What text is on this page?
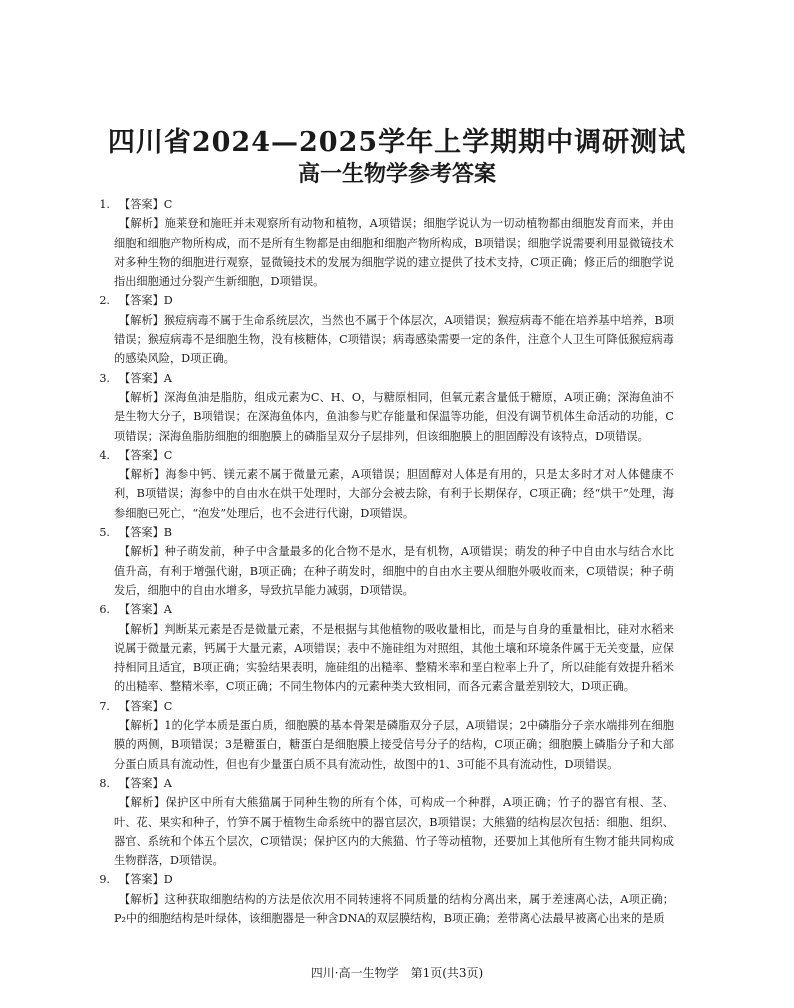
四川省2024—2025学年上学期期中调研测试
高一生物学参考答案
1. 【答案】C
【解析】施莱登和施旺并未观察所有动物和植物，A项错误；细胞学说认为一切动植物都由细胞发育而来，并由细胞和细胞产物所构成，而不是所有生物都是由细胞和细胞产物所构成，B项错误；细胞学说需要利用显微镜技术对多种生物的细胞进行观察，显微镜技术的发展为细胞学说的建立提供了技术支持，C项正确；修正后的细胞学说指出细胞通过分裂产生新细胞，D项错误。
2. 【答案】D
【解析】猴痘病毒不属于生命系统层次，当然也不属于个体层次，A项错误；猴痘病毒不能在培养基中培养，B项错误；猴痘病毒不是细胞生物，没有核糖体，C项错误；病毒感染需要一定的条件，注意个人卫生可降低猴痘病毒的感染风险，D项正确。
3. 【答案】A
【解析】深海鱼油是脂肪，组成元素为C、H、O，与糖原相同，但氧元素含量低于糖原，A项正确；深海鱼油不是生物大分子，B项错误；在深海鱼体内，鱼油参与贮存能量和保温等功能，但没有调节机体生命活动的功能，C项错误；深海鱼脂肪细胞的细胞膜上的磷脂呈双分子层排列，但该细胞膜上的胆固醇没有该特点，D项错误。
4. 【答案】C
【解析】海参中钙、镁元素不属于微量元素，A项错误；胆固醇对人体是有用的，只是太多时才对人体健康不利，B项错误；海参中的自由水在烘干处理时，大部分会被去除，有利于长期保存，C项正确；经“烘干”处理，海参细胞已死亡，“泡发”处理后，也不会进行代谢，D项错误。
5. 【答案】B
【解析】种子萌发前，种子中含量最多的化合物不是水，是有机物，A项错误；萌发的种子中自由水与结合水比值升高，有利于增强代谢，B项正确；在种子萌发时，细胞中的自由水主要从细胞外吸收而来，C项错误；种子萌发后，细胞中的自由水增多，导致抗旱能力减弱，D项错误。
6. 【答案】A
【解析】判断某元素是否是微量元素，不是根据与其他植物的吸收量相比，而是与自身的重量相比，硅对水稻来说属于微量元素，钙属于大量元素，A项错误；表中不施硅组为对照组，其他土壤和环境条件属于无关变量，应保持相同且适宜，B项正确；实验结果表明，施硅组的出糙率、整精米率和垩白粒率上升了，所以硅能有效提升稻米的出糙率、整精米率，C项正确；不同生物体内的元素种类大致相同，而各元素含量差别较大，D项正确。
7. 【答案】C
【解析】1的化学本质是蛋白质，细胞膜的基本骨架是磷脂双分子层，A项错误；2中磷脂分子亲水端排列在细胞膜的两侧，B项错误；3是糖蛋白，糖蛋白是细胞膜上接受信号分子的结构，C项正确；细胞膜上磷脂分子和大部分蛋白质具有流动性，但也有少量蛋白质不具有流动性，故图中的1、3可能不具有流动性，D项错误。
8. 【答案】A
【解析】保护区中所有大熊猫属于同种生物的所有个体，可构成一个种群，A项正确；竹子的器官有根、茎、叶、花、果实和种子，竹笋不属于植物生命系统中的器官层次，B项错误；大熊猫的结构层次包括：细胞、组织、器官、系统和个体五个层次，C项错误；保护区内的大熊猫、竹子等动植物，还要加上其他所有生物才能共同构成生物群落，D项错误。
9. 【答案】D
【解析】这种获取细胞结构的方法是依次用不同转速将不同质量的结构分离出来，属于差速离心法，A项正确；P₂中的细胞结构是叶绿体，该细胞器是一种含DNA的双层膜结构，B项正确；差带离心法最早被离心出来的是质
四川·高一生物学　第1页(共3页)
